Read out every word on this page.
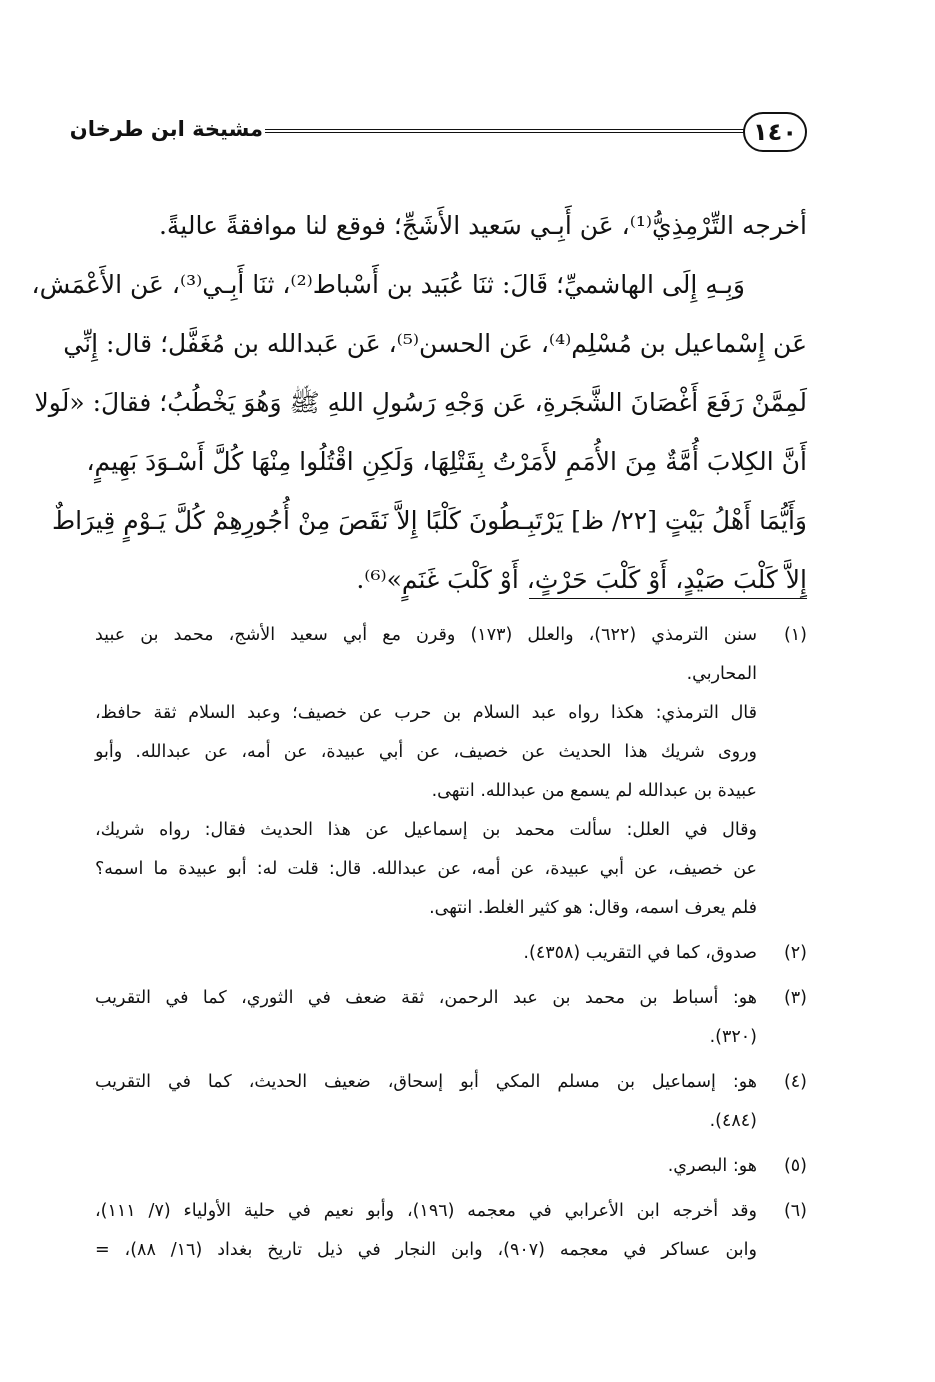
١٤٠
مشيخة ابن طرخان
أخرجه التِّرْمِذِيُّ⁽¹⁾، عَن أَبِـي سَعيد الأَشَجِّ؛ فوقع لنا موافقةً عاليةً.
وَبِـهِ إِلَى الهاشميِّ؛ قَالَ: ثنَا عُبَيد بن أَسْباط⁽²⁾، ثنَا أَبِـي⁽³⁾، عَن الأَعْمَش،
عَن إِسْماعيل بن مُسْلِم⁽⁴⁾، عَن الحسن⁽⁵⁾، عَن عَبدالله بن مُغَفَّل؛ قال: إِنِّي
لَمِمَّنْ رَفَعَ أَغْصَانَ الشَّجَرةِ، عَن وَجْهِ رَسُولِ اللهِ ﷺ وَهُوَ يَخْطُبُ؛ فقالَ: «لَولا
أَنَّ الكِلابَ أُمَّةٌ مِنَ الأُمَمِ لأَمَرْتُ بِقَتْلِهَا، وَلَكِنِ اقْتُلُوا مِنْهَا كُلَّ أَسْـوَدَ بَهِيمٍ،
وَأَيُّمَا أَهْلُ بَيْتٍ [٢٢/ ظ] يَرْتَبِـطُونَ كَلْبًا إِلاَّ نَقَصَ مِنْ أُجُورِهِمْ كُلَّ يَـوْمٍ قِيرَاطٌ
إِلاَّ كَلْبَ صَيْدٍ، أَوْ كَلْبَ حَرْثٍ، أَوْ كَلْبَ غَنَمٍ»⁽⁶⁾.
(١)
سنن الترمذي (٦٢٢)، والعلل (١٧٣) وقرن مع أبي سعيد الأشج، محمد بن عبيد
المحاربي.
قال الترمذي: هكذا رواه عبد السلام بن حرب عن خصيف؛ وعبد السلام ثقة حافظ،
وروى شريك هذا الحديث عن خصيف، عن أبي عبيدة، عن أمه، عن عبدالله. وأبو
عبيدة بن عبدالله لم يسمع من عبدالله. انتهى.
وقال في العلل: سألت محمد بن إسماعيل عن هذا الحديث فقال: رواه شريك،
عن خصيف، عن أبي عبيدة، عن أمه، عن عبدالله. قال: قلت له: أبو عبيدة ما اسمه؟
فلم يعرف اسمه، وقال: هو كثير الغلط. انتهى.
(٢)
صدوق، كما في التقريب (٤٣٥٨).
(٣)
هو: أسباط بن محمد بن عبد الرحمن، ثقة ضعف في الثوري، كما في التقريب
(٣٢٠).
(٤)
هو: إسماعيل بن مسلم المكي أبو إسحاق، ضعيف الحديث، كما في التقريب
(٤٨٤).
(٥)
هو: البصري.
(٦)
وقد أخرجه ابن الأعرابي في معجمه (١٩٦)، وأبو نعيم في حلية الأولياء (٧/ ١١١)،
وابن عساكر في معجمه (٩٠٧)، وابن النجار في ذيل تاريخ بغداد (١٦/ ٨٨)، =
